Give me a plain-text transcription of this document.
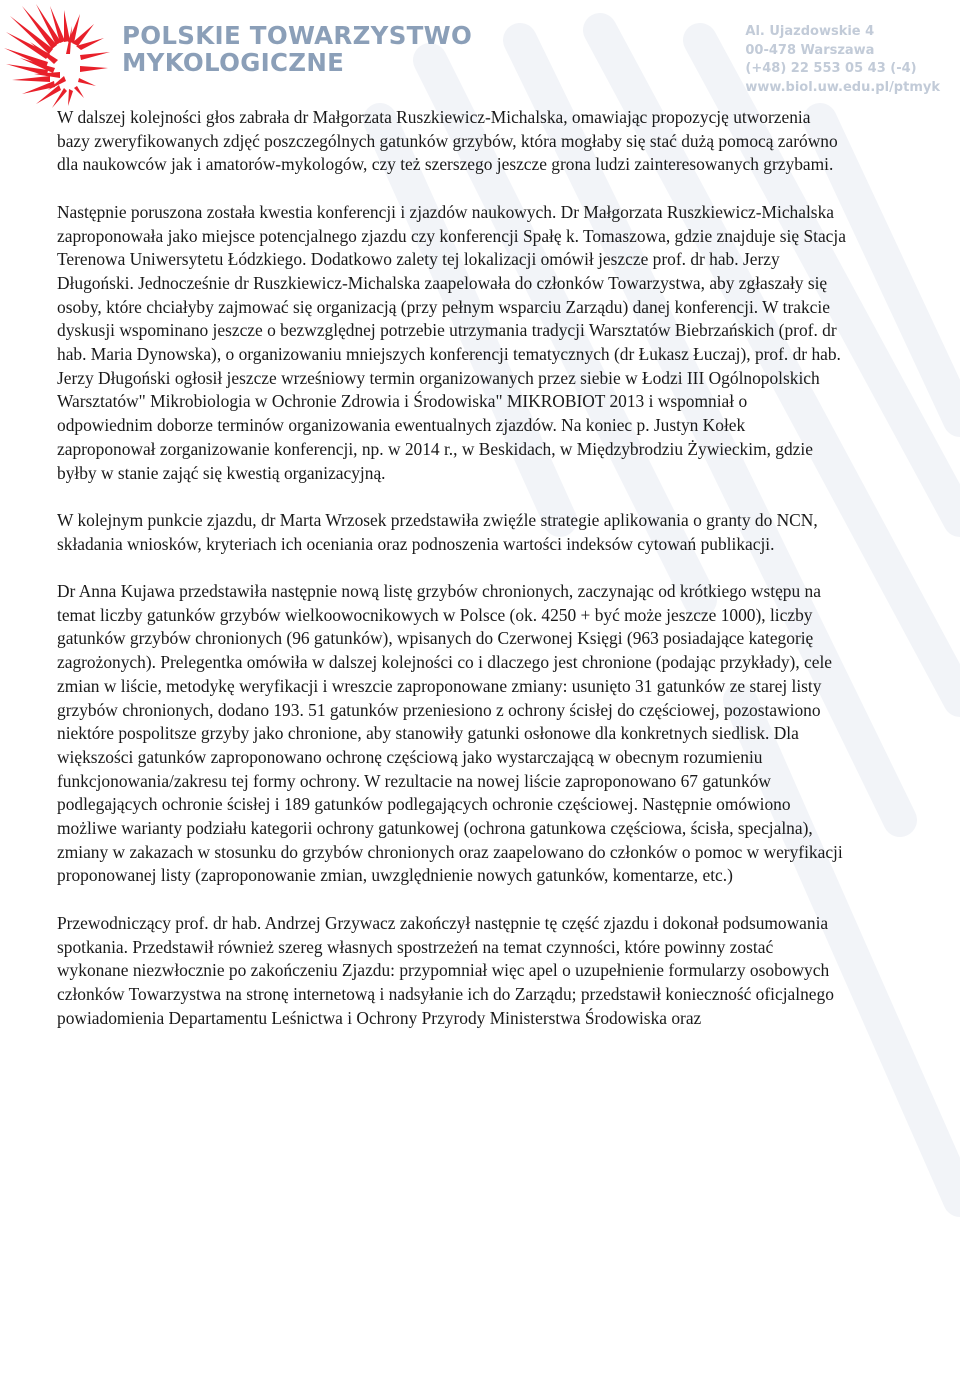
POLSKIE TOWARZYSTWO
MYKOLOGICZNE
Al. Ujazdowskie 4
00-478 Warszawa
(+48) 22 553 05 43 (-4)
www.biol.uw.edu.pl/ptmyk

W dalszej kolejności głos zabrała dr Małgorzata Ruszkiewicz-Michalska, omawiając propozycję utworzenia bazy zweryfikowanych zdjęć poszczególnych gatunków grzybów, która mogłaby się stać dużą pomocą zarówno dla naukowców jak i amatorów-mykologów, czy też szerszego jeszcze grona ludzi zainteresowanych grzybami.

Następnie poruszona została kwestia konferencji i zjazdów naukowych. Dr Małgorzata Ruszkiewicz-Michalska zaproponowała jako miejsce potencjalnego zjazdu czy konferencji Spałę k. Tomaszowa, gdzie znajduje się Stacja Terenowa Uniwersytetu Łódzkiego. Dodatkowo zalety tej lokalizacji omówił jeszcze prof. dr hab. Jerzy Długoński. Jednocześnie dr Ruszkiewicz-Michalska zaapelowała do członków Towarzystwa, aby zgłaszały się osoby, które chciałyby zajmować się organizacją (przy pełnym wsparciu Zarządu) danej konferencji. W trakcie dyskusji wspominano jeszcze o bezwzględnej potrzebie utrzymania tradycji Warsztatów Biebrzańskich (prof. dr hab. Maria Dynowska), o organizowaniu mniejszych konferencji tematycznych (dr Łukasz Łuczaj), prof. dr hab. Jerzy Długoński ogłosił jeszcze wrześniowy termin organizowanych przez siebie w Łodzi III Ogólnopolskich Warsztatów" Mikrobiologia w Ochronie Zdrowia i Środowiska" MIKROBIOT 2013 i wspomniał o odpowiednim doborze terminów organizowania ewentualnych zjazdów. Na koniec p. Justyn Kołek zaproponował zorganizowanie konferencji, np. w 2014 r., w Beskidach, w Międzybrodziu Żywieckim, gdzie byłby w stanie zająć się kwestią organizacyjną.

W kolejnym punkcie zjazdu, dr Marta Wrzosek przedstawiła zwięźle strategie aplikowania o granty do NCN, składania wniosków, kryteriach ich oceniania oraz podnoszenia wartości indeksów cytowań publikacji.

Dr Anna Kujawa przedstawiła następnie nową listę grzybów chronionych, zaczynając od krótkiego wstępu na temat liczby gatunków grzybów wielkoowocnikowych w Polsce (ok. 4250 + być może jeszcze 1000), liczby gatunków grzybów chronionych (96 gatunków), wpisanych do Czerwonej Księgi (963 posiadające kategorię zagrożonych). Prelegentka omówiła w dalszej kolejności co i dlaczego jest chronione (podając przykłady), cele zmian w liście, metodykę weryfikacji i wreszcie zaproponowane zmiany: usunięto 31 gatunków ze starej listy grzybów chronionych, dodano 193. 51 gatunków przeniesiono z ochrony ścisłej do częściowej, pozostawiono niektóre pospolitsze grzyby jako chronione, aby stanowiły gatunki osłonowe dla konkretnych siedlisk. Dla większości gatunków zaproponowano ochronę częściową jako wystarczającą w obecnym rozumieniu funkcjonowania/zakresu tej formy ochrony. W rezultacie na nowej liście zaproponowano 67 gatunków podlegających ochronie ścisłej i 189 gatunków podlegających ochronie częściowej. Następnie omówiono możliwe warianty podziału kategorii ochrony gatunkowej (ochrona gatunkowa częściowa, ścisła, specjalna), zmiany w zakazach w stosunku do grzybów chronionych oraz zaapelowano do członków o pomoc w weryfikacji proponowanej listy (zaproponowanie zmian, uwzględnienie nowych gatunków, komentarze, etc.)

Przewodniczący prof. dr hab. Andrzej Grzywacz zakończył następnie tę część zjazdu i dokonał podsumowania spotkania. Przedstawił również szereg własnych spostrzeżeń na temat czynności, które powinny zostać wykonane niezwłocznie po zakończeniu Zjazdu: przypomniał więc apel o uzupełnienie formularzy osobowych członków Towarzystwa na stronę internetową i nadsyłanie ich do Zarządu; przedstawił konieczność oficjalnego powiadomienia Departamentu Leśnictwa i Ochrony Przyrody Ministerstwa Środowiska oraz
